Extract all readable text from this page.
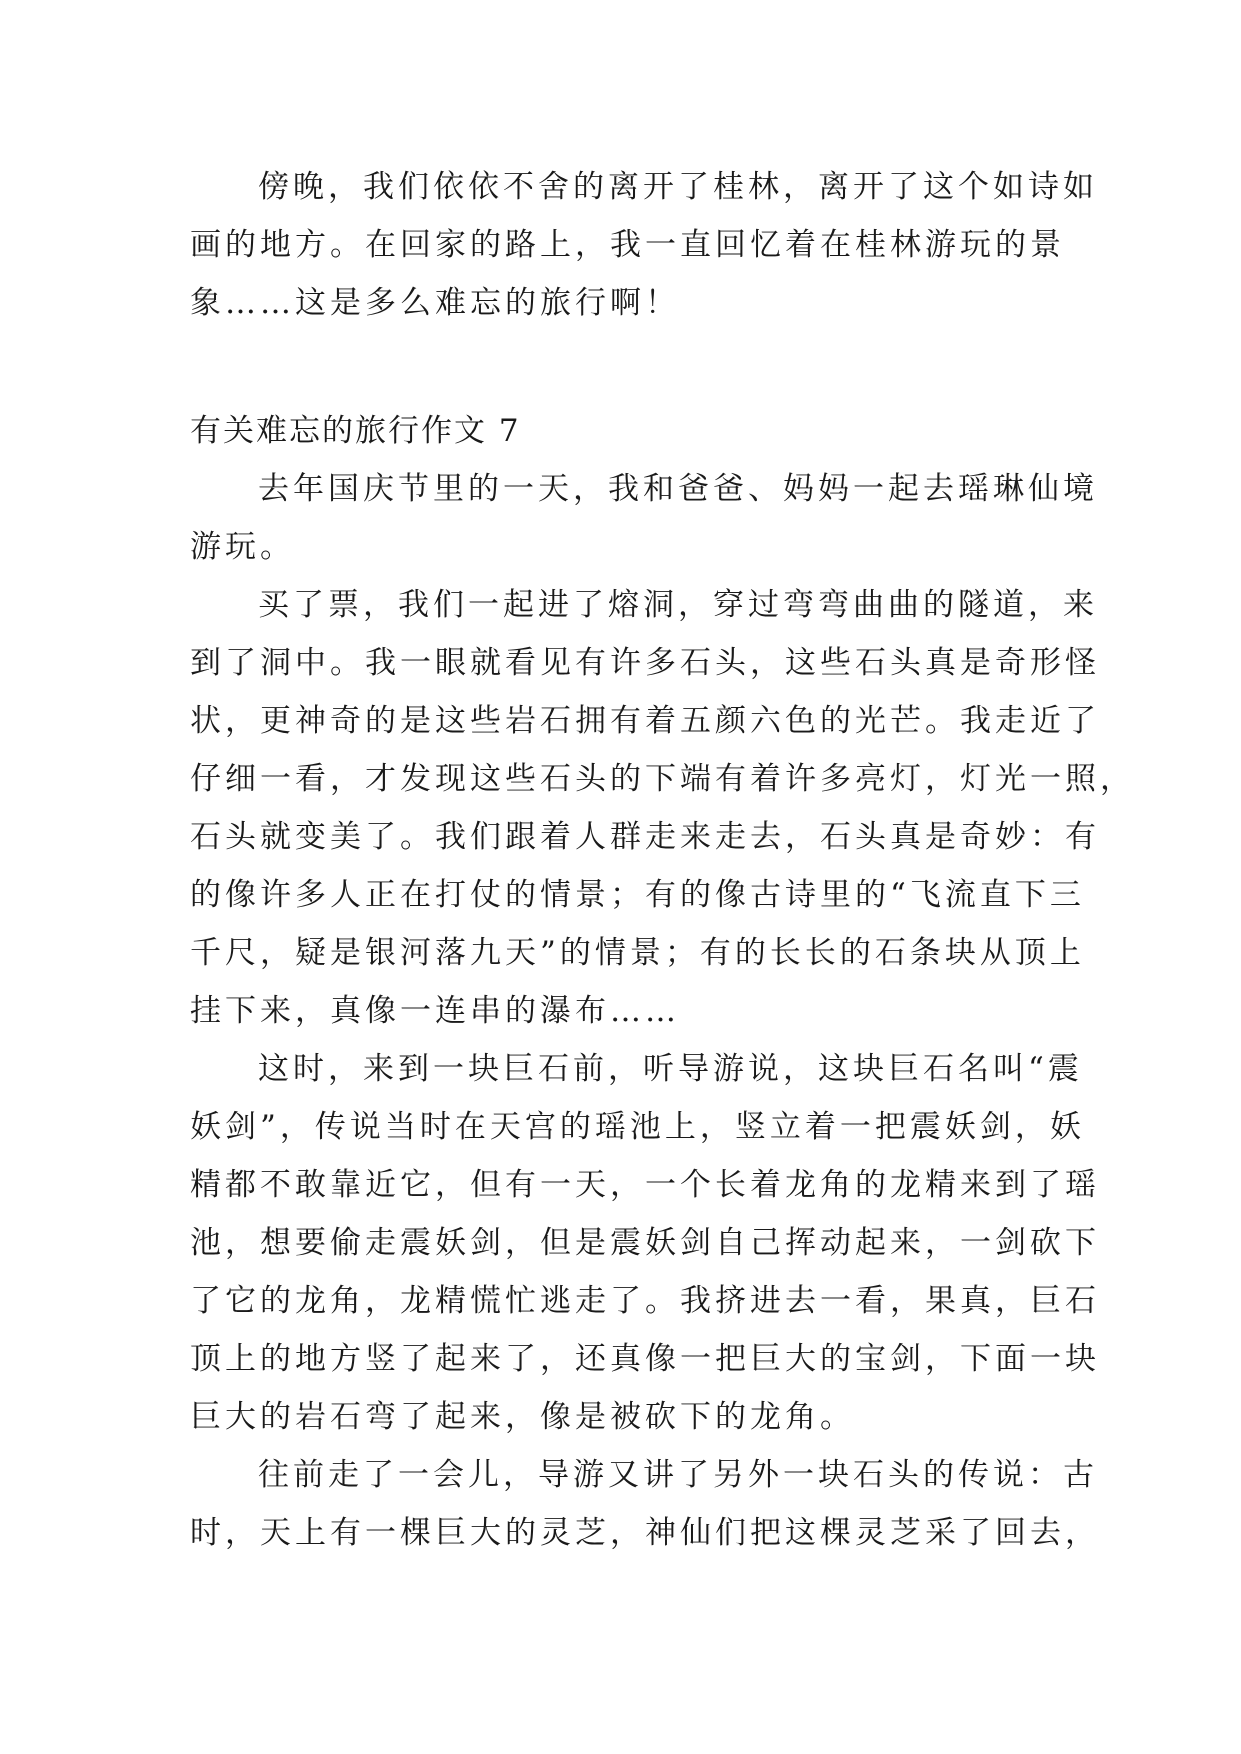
傍晚，我们依依不舍的离开了桂林，离开了这个如诗如
画的地方。在回家的路上，我一直回忆着在桂林游玩的景
象……这是多么难忘的旅行啊！
有关难忘的旅行作文 7
去年国庆节里的一天，我和爸爸、妈妈一起去瑶琳仙境
游玩。
买了票，我们一起进了熔洞，穿过弯弯曲曲的隧道，来
到了洞中。我一眼就看见有许多石头，这些石头真是奇形怪
状，更神奇的是这些岩石拥有着五颜六色的光芒。我走近了
仔细一看，才发现这些石头的下端有着许多亮灯，灯光一照，
石头就变美了。我们跟着人群走来走去，石头真是奇妙：有
的像许多人正在打仗的情景；有的像古诗里的“飞流直下三
千尺，疑是银河落九天”的情景；有的长长的石条块从顶上
挂下来，真像一连串的瀑布……
这时，来到一块巨石前，听导游说，这块巨石名叫“震
妖剑”，传说当时在天宫的瑶池上，竖立着一把震妖剑，妖
精都不敢靠近它，但有一天，一个长着龙角的龙精来到了瑶
池，想要偷走震妖剑，但是震妖剑自己挥动起来，一剑砍下
了它的龙角，龙精慌忙逃走了。我挤进去一看，果真，巨石
顶上的地方竖了起来了，还真像一把巨大的宝剑，下面一块
巨大的岩石弯了起来，像是被砍下的龙角。
往前走了一会儿，导游又讲了另外一块石头的传说：古
时，天上有一棵巨大的灵芝，神仙们把这棵灵芝采了回去，
